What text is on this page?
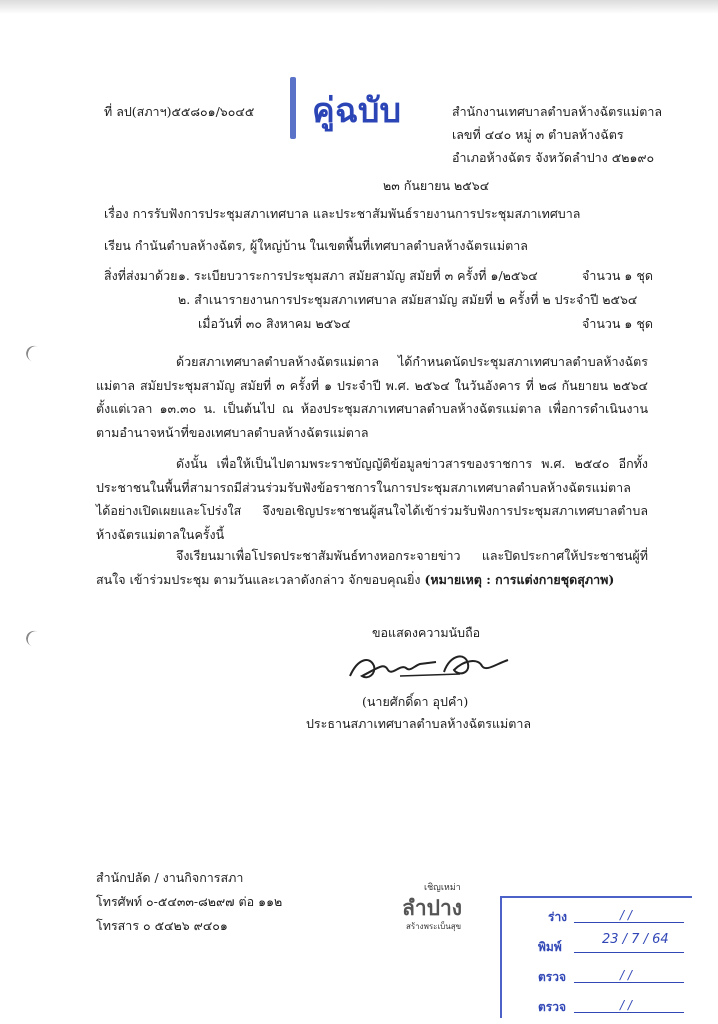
ที่ ลป(สภาฯ)๕๕๘๐๑/๖๐๔๕ คู่ฉบับ	สำนักงานเทศบาลตำบลห้างฉัตรแม่ตาล
เลขที่ ๔๔๐ หมู่ ๓ ตำบลห้างฉัตร
อำเภอห้างฉัตร จังหวัดลำปาง ๕๒๑๙๐
๒๓ กันยายน ๒๕๖๔
เรื่อง การรับฟังการประชุมสภาเทศบาล และประชาสัมพันธ์รายงานการประชุมสภาเทศบาล
เรียน กำนันตำบลห้างฉัตร, ผู้ใหญ่บ้าน ในเขตพื้นที่เทศบาลตำบลห้างฉัตรแม่ตาล
สิ่งที่ส่งมาด้วย ๑. ระเบียบวาระการประชุมสภา สมัยสามัญ สมัยที่ ๓ ครั้งที่ ๑/๒๕๖๔	จำนวน ๑ ชุด
๒. สำเนารายงานการประชุมสภาเทศบาล สมัยสามัญ สมัยที่ ๒ ครั้งที่ ๒ ประจำปี ๒๕๖๔
เมื่อวันที่ ๓๐ สิงหาคม ๒๕๖๔	จำนวน ๑ ชุด
ด้วยสภาเทศบาลตำบลห้างฉัตรแม่ตาล ได้กำหนดนัดประชุมสภาเทศบาลตำบลห้างฉัตรแม่ตาล สมัยประชุมสามัญ สมัยที่ ๓ ครั้งที่ ๑ ประจำปี พ.ศ. ๒๕๖๔ ในวันอังคาร ที่ ๒๘ กันยายน ๒๕๖๔ ตั้งแต่เวลา ๑๓.๓๐ น. เป็นต้นไป ณ ห้องประชุมสภาเทศบาลตำบลห้างฉัตรแม่ตาล เพื่อการดำเนินงานตามอำนาจหน้าที่ของเทศบาลตำบลห้างฉัตรแม่ตาล
ดังนั้น เพื่อให้เป็นไปตามพระราชบัญญัติข้อมูลข่าวสารของราชการ พ.ศ. ๒๕๔๐ อีกทั้ง ประชาชนในพื้นที่สามารถมีส่วนร่วมรับฟังข้อราชการในการประชุมสภาเทศบาลตำบลห้างฉัตรแม่ตาล ได้อย่างเปิดเผยและโปร่งใส จึงขอเชิญประชาชนผู้สนใจได้เข้าร่วมรับฟังการประชุมสภาเทศบาลตำบล ห้างฉัตรแม่ตาลในครั้งนี้
จึงเรียนมาเพื่อโปรดประชาสัมพันธ์ทางหอกระจายข่าว และปิดประกาศให้ประชาชนผู้ที่สนใจ เข้าร่วมประชุม ตามวันและเวลาดังกล่าว จักขอบคุณยิ่ง (หมายเหตุ : การแต่งกายชุดสุภาพ)
ขอแสดงความนับถือ
(นายศักดิ์ดา อุปคำ)
ประธานสภาเทศบาลตำบลห้างฉัตรแม่ตาล
สำนักปลัด / งานกิจการสภา
โทรศัพท์ ๐-๕๔๓๓-๘๒๙๗ ต่อ ๑๑๒
โทรสาร ๐ ๕๔๒๖ ๙๔๐๑
เชิญเหม่า
ลำปาง
สร้างพระเบ็นสุข
ร่าง	/ /
พิมพ์	23 / 7 / 64
ตรวจ	/ /
ตรวจ	/ /
